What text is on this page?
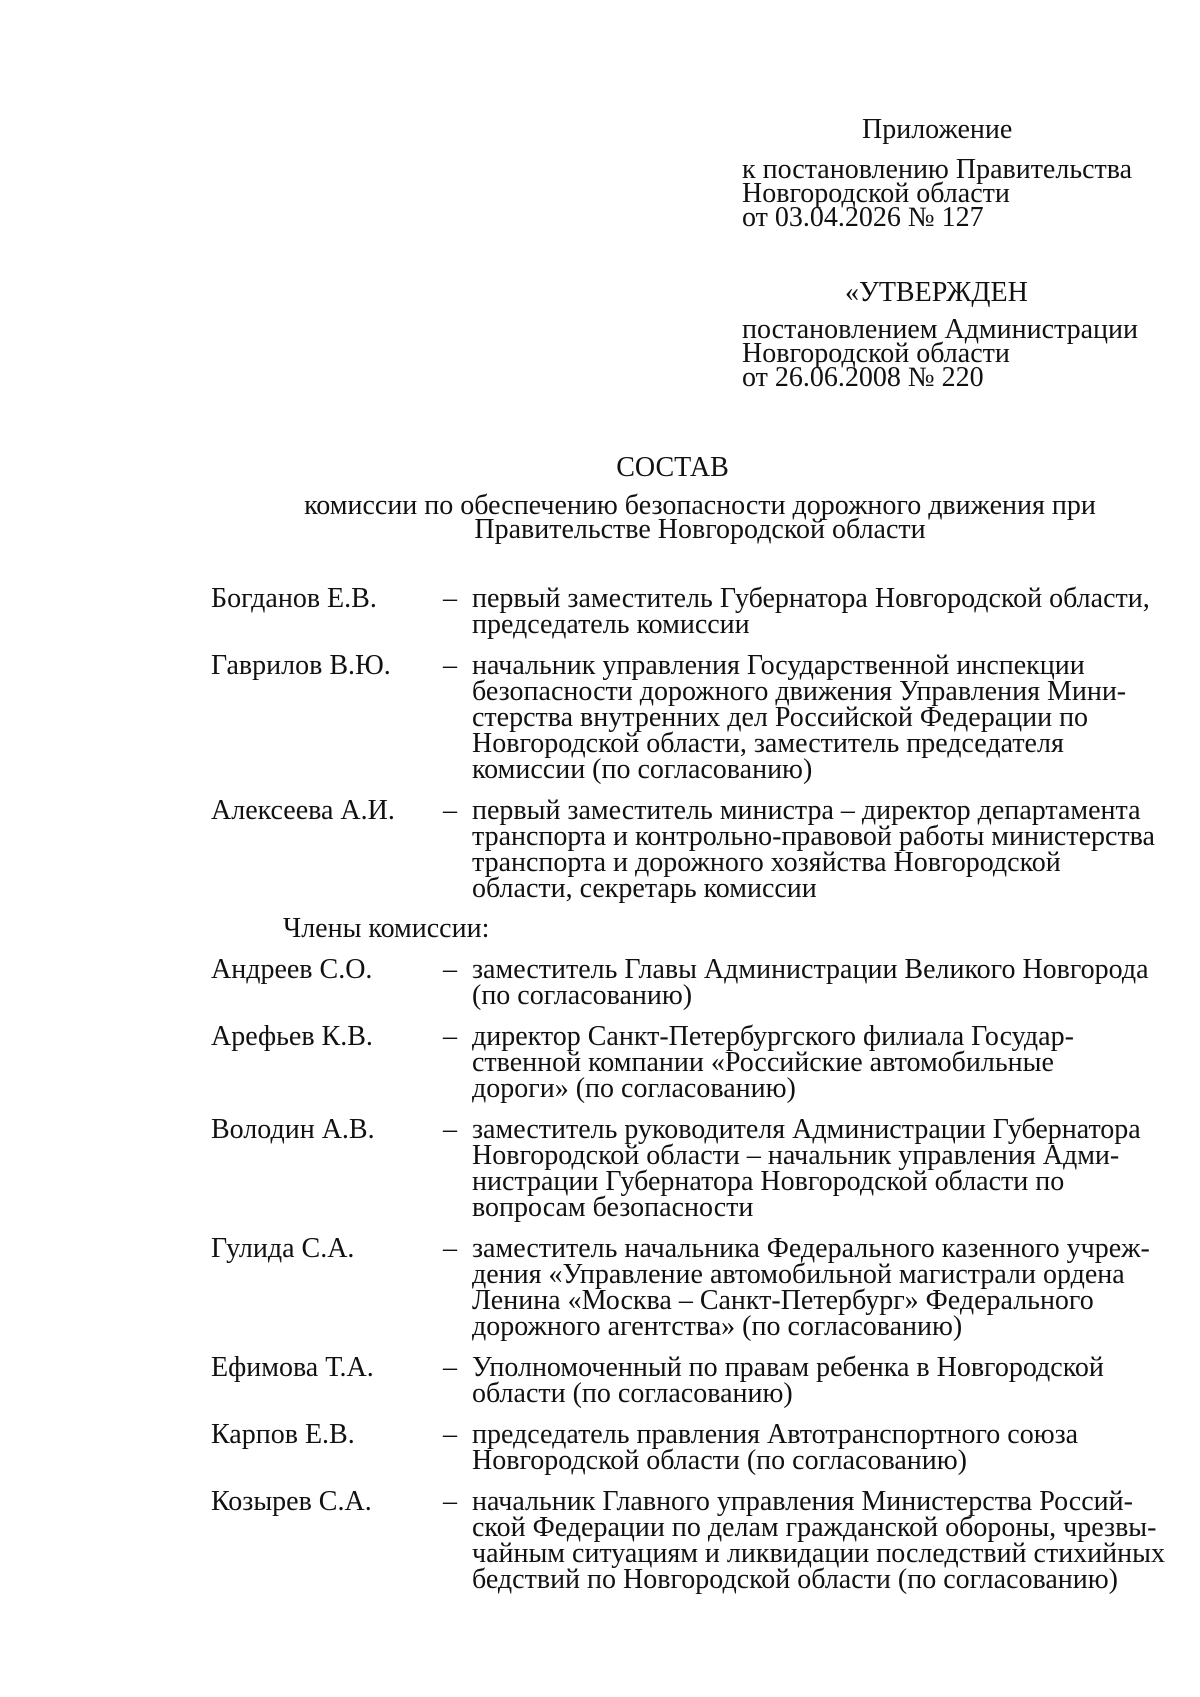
Приложение
к постановлению Правительства
Новгородской области
от 03.04.2026 № 127
«УТВЕРЖДЕН
постановлением Администрации
Новгородской области
от 26.06.2008 № 220
СОСТАВ
комиссии по обеспечению безопасности дорожного движения при
Правительстве Новгородской области
Богданов Е.В.	– первый заместитель Губернатора Новгородской области,
председатель комиссии
Гаврилов В.Ю.	– начальник управления Государственной инспекции
безопасности дорожного движения Управления Мини-
стерства внутренних дел Российской Федерации по
Новгородской области, заместитель председателя
комиссии (по согласованию)
Алексеева А.И.	– первый заместитель министра – директор департамента
транспорта и контрольно-правовой работы министерства
транспорта и дорожного хозяйства Новгородской
области, секретарь комиссии
Члены комиссии:
Андреев С.О.	– заместитель Главы Администрации Великого Новгорода
(по согласованию)
Арефьев К.В.	– директор Санкт-Петербургского филиала Государ-
ственной компании «Российские автомобильные
дороги» (по согласованию)
Володин А.В.	– заместитель руководителя Администрации Губернатора
Новгородской области – начальник управления Адми-
нистрации Губернатора Новгородской области по
вопросам безопасности
Гулида С.А.	– заместитель начальника Федерального казенного учреж-
дения «Управление автомобильной магистрали ордена
Ленина «Москва – Санкт-Петербург» Федерального
дорожного агентства» (по согласованию)
Ефимова Т.А.	– Уполномоченный по правам ребенка в Новгородской
области (по согласованию)
Карпов Е.В.	– председатель правления Автотранспортного союза
Новгородской области (по согласованию)
Козырев С.А.	– начальник Главного управления Министерства Россий-
ской Федерации по делам гражданской обороны, чрезвы-
чайным ситуациям и ликвидации последствий стихийных
бедствий по Новгородской области (по согласованию)
